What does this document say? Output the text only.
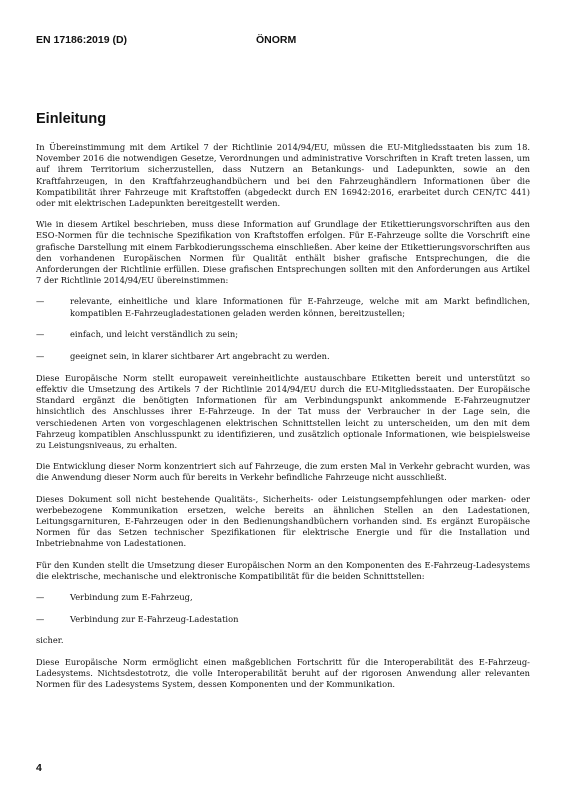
EN 17186:2019 (D)	ÖNORM
Einleitung

In Übereinstimmung mit dem Artikel 7 der Richtlinie 2014/94/EU, müssen die EU-Mitgliedsstaaten bis zum 18. November 2016 die notwendigen Gesetze, Verordnungen und administrative Vorschriften in Kraft treten lassen, um auf ihrem Territorium sicherzustellen, dass Nutzern an Betankungs- und Ladepunkten, sowie an den Kraftfahrzeugen, in den Kraftfahrzeughandbüchern und bei den Fahrzeughändlern Informationen über die Kompatibilität ihrer Fahrzeuge mit Kraftstoffen (abgedeckt durch EN 16942:2016, erarbeitet durch CEN/TC 441) oder mit elektrischen Ladepunkten bereitgestellt werden.

Wie in diesem Artikel beschrieben, muss diese Information auf Grundlage der Etikettierungsvorschriften aus den ESO-Normen für die technische Spezifikation von Kraftstoffen erfolgen. Für E-Fahrzeuge sollte die Vorschrift eine grafische Darstellung mit einem Farbkodierungsschema einschließen. Aber keine der Etikettierungsvorschriften aus den vorhandenen Europäischen Normen für Qualität enthält bisher grafische Entsprechungen, die die Anforderungen der Richtlinie erfüllen. Diese grafischen Entsprechungen sollten mit den Anforderungen aus Artikel 7 der Richtlinie 2014/94/EU übereinstimmen:

—	relevante, einheitliche und klare Informationen für E-Fahrzeuge, welche mit am Markt befindlichen, kompatiblen E-Fahrzeugladestationen geladen werden können, bereitzustellen;
—	einfach, und leicht verständlich zu sein;
—	geeignet sein, in klarer sichtbarer Art angebracht zu werden.

Diese Europäische Norm stellt europaweit vereinheitlichte austauschbare Etiketten bereit und unterstützt so effektiv die Umsetzung des Artikels 7 der Richtlinie 2014/94/EU durch die EU-Mitgliedsstaaten. Der Europäische Standard ergänzt die benötigten Informationen für am Verbindungspunkt ankommende E-Fahrzeugnutzer hinsichtlich des Anschlusses ihrer E-Fahrzeuge. In der Tat muss der Verbraucher in der Lage sein, die verschiedenen Arten von vorgeschlagenen elektrischen Schnittstellen leicht zu unterscheiden, um den mit dem Fahrzeug kompatiblen Anschlusspunkt zu identifizieren, und zusätzlich optionale Informationen, wie beispielsweise zu Leistungsniveaus, zu erhalten.

Die Entwicklung dieser Norm konzentriert sich auf Fahrzeuge, die zum ersten Mal in Verkehr gebracht wurden, was die Anwendung dieser Norm auch für bereits in Verkehr befindliche Fahrzeuge nicht ausschließt.

Dieses Dokument soll nicht bestehende Qualitäts-, Sicherheits- oder Leistungsempfehlungen oder marken- oder werbebezogene Kommunikation ersetzen, welche bereits an ähnlichen Stellen an den Ladestationen, Leitungsgarnituren, E-Fahrzeugen oder in den Bedienungshandbüchern vorhanden sind. Es ergänzt Europäische Normen für das Setzen technischer Spezifikationen für elektrische Energie und für die Installation und Inbetriebnahme von Ladestationen.

Für den Kunden stellt die Umsetzung dieser Europäischen Norm an den Komponenten des E-Fahrzeug-Ladesystems die elektrische, mechanische und elektronische Kompatibilität für die beiden Schnittstellen:

—	Verbindung zum E-Fahrzeug,
—	Verbindung zur E-Fahrzeug-Ladestation

sicher.

Diese Europäische Norm ermöglicht einen maßgeblichen Fortschritt für die Interoperabilität des E-Fahrzeug-Ladesystems. Nichtsdestotrotz, die volle Interoperabilität beruht auf der rigorosen Anwendung aller relevanten Normen für des Ladesystems System, dessen Komponenten und der Kommunikation.

4
